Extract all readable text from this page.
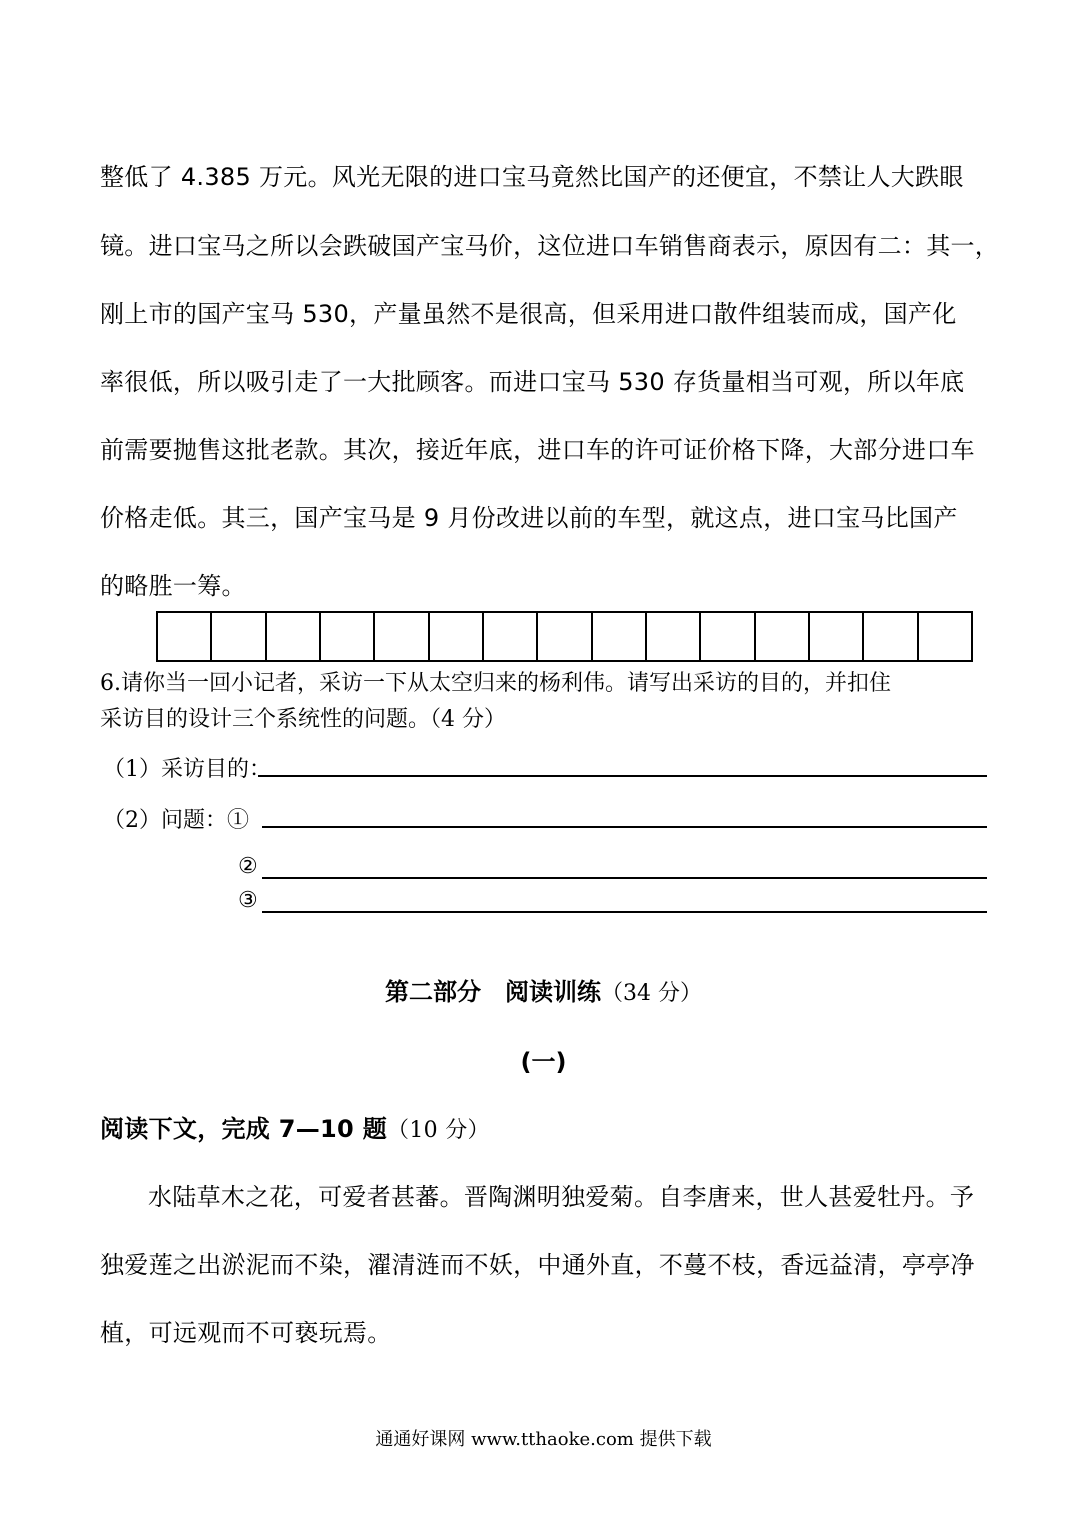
整低了 4.385 万元。风光无限的进口宝马竟然比国产的还便宜，不禁让人大跌眼
镜。进口宝马之所以会跌破国产宝马价，这位进口车销售商表示，原因有二：其一，
刚上市的国产宝马 530，产量虽然不是很高，但采用进口散件组装而成，国产化
率很低，所以吸引走了一大批顾客。而进口宝马 530 存货量相当可观，所以年底
前需要抛售这批老款。其次，接近年底，进口车的许可证价格下降，大部分进口车
价格走低。其三，国产宝马是 9 月份改进以前的车型，就这点，进口宝马比国产
的略胜一筹。
6.请你当一回小记者，采访一下从太空归来的杨利伟。请写出采访的目的，并扣住
采访目的设计三个系统性的问题。（4 分）
（1）采访目的：
（2）问题：①
②
③
第二部分　阅读训练（34 分）
(一)
阅读下文，完成 7—10 题（10 分）
水陆草木之花，可爱者甚蕃。晋陶渊明独爱菊。自李唐来，世人甚爱牡丹。予
独爱莲之出淤泥而不染，濯清涟而不妖，中通外直，不蔓不枝，香远益清，亭亭净
植，可远观而不可亵玩焉。
通通好课网 www.tthaoke.com 提供下载
